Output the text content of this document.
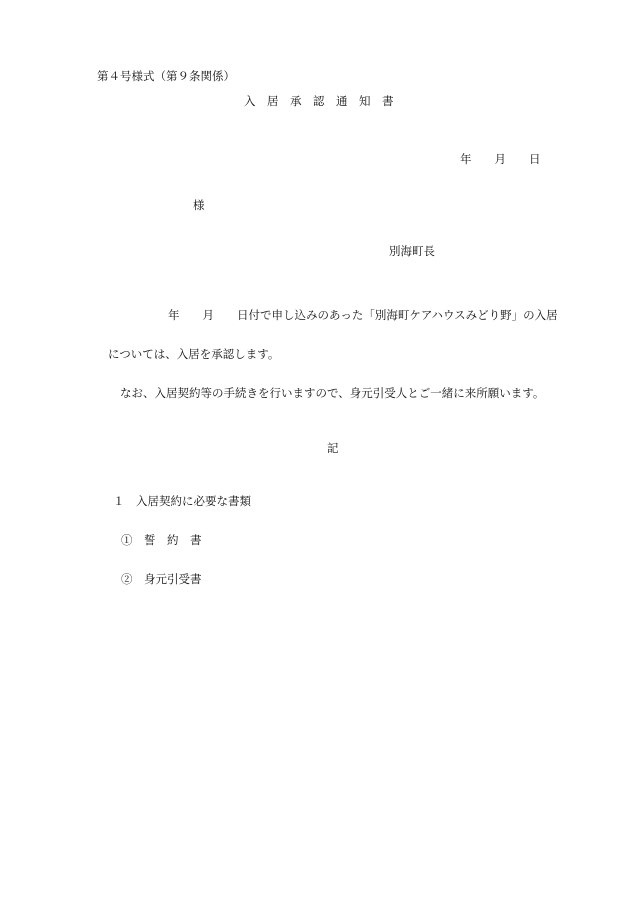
第４号様式（第９条関係）
入　居　承　認　通　知　書
年　　月　　日
様
別海町長
年　　月　　日付で申し込みのあった「別海町ケアハウスみどり野」の入居
については、入居を承認します。
なお、入居契約等の手続きを行いますので、身元引受人とご一緒に来所願います。
記
１　入居契約に必要な書類
①　誓　約　書
②　身元引受書
